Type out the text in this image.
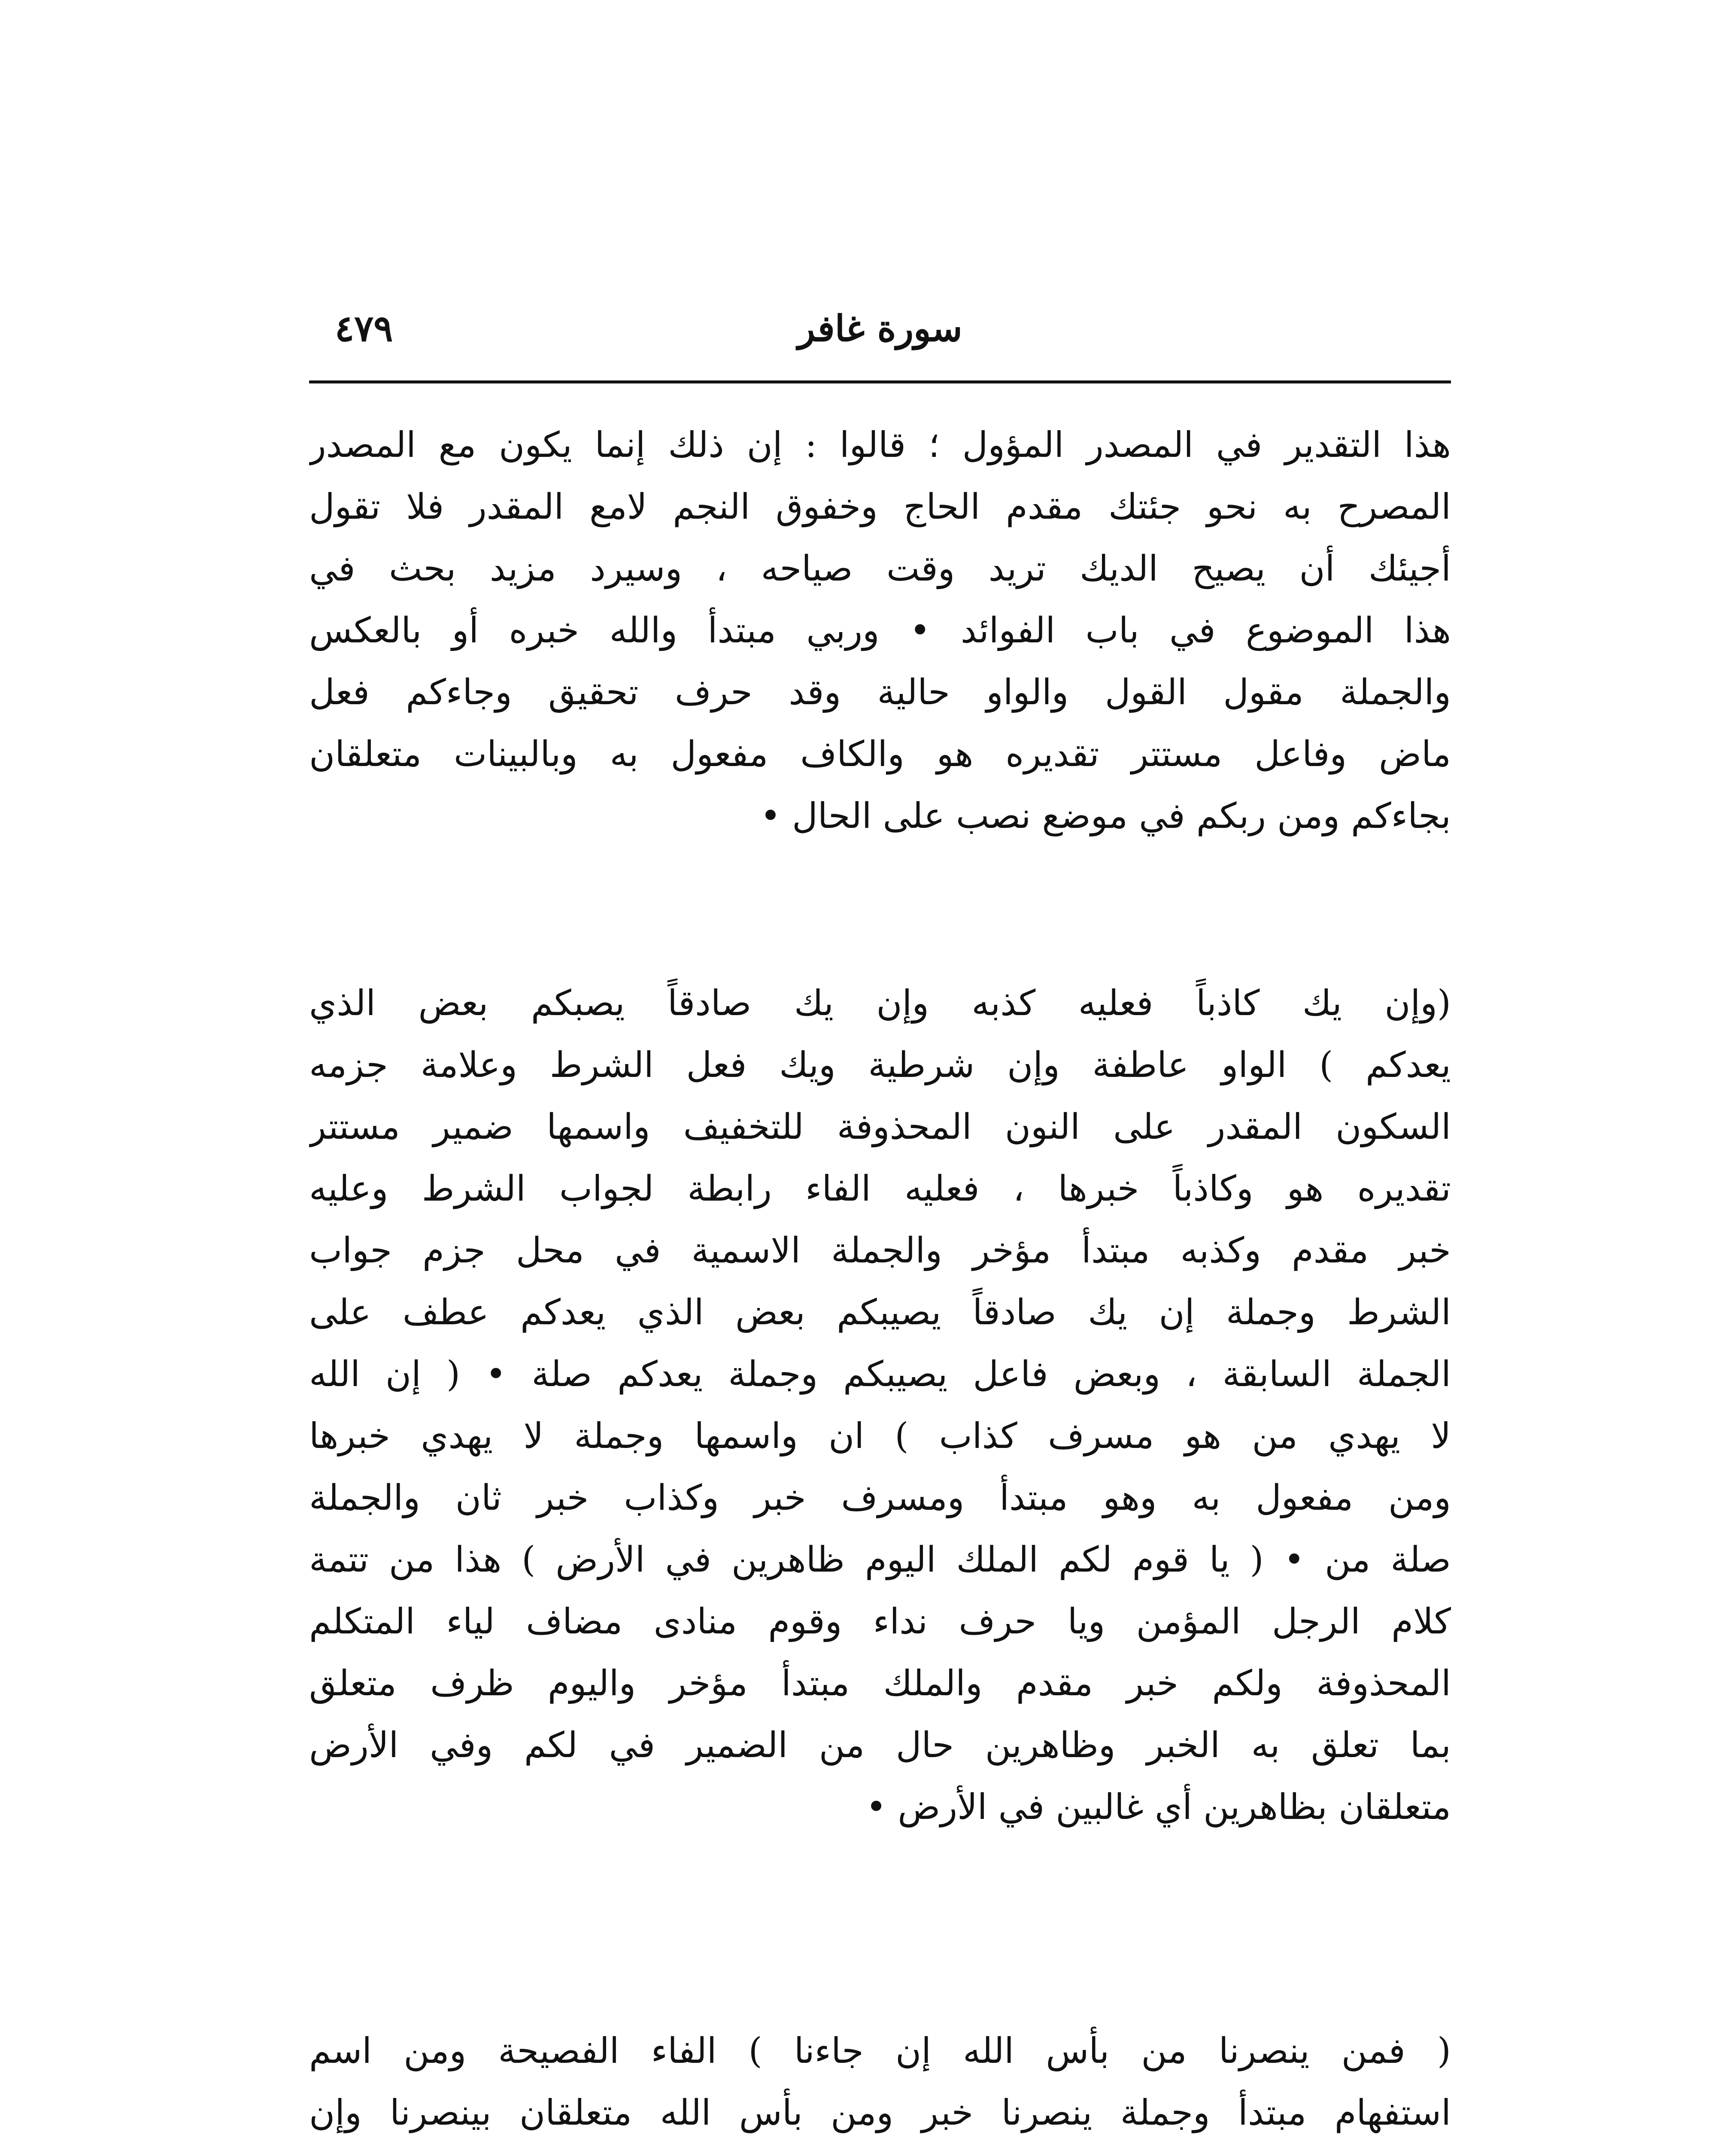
سورة غافر
٤٧٩
هذا التقدير في المصدر المؤول ؛ قالوا : إن ذلك إنما يكون مع المصدر
المصرح به نحو جئتك مقدم الحاج وخفوق النجم لامع المقدر فلا تقول
أجيئك أن يصيح الديك تريد وقت صياحه ، وسيرد مزيد بحث في
هذا الموضوع في باب الفوائد • وربي مبتدأ والله خبره أو بالعكس
والجملة مقول القول والواو حالية وقد حرف تحقيق وجاءكم فعل
ماض وفاعل مستتر تقديره هو والكاف مفعول به وبالبينات متعلقان
بجاءكم ومن ربكم في موضع نصب على الحال •
(وإن يك كاذباً فعليه كذبه وإن يك صادقاً يصبكم بعض الذي
يعدكم ) الواو عاطفة وإن شرطية ويك فعل الشرط وعلامة جزمه
السكون المقدر على النون المحذوفة للتخفيف واسمها ضمير مستتر
تقديره هو وكاذباً خبرها ، فعليه الفاء رابطة لجواب الشرط وعليه
خبر مقدم وكذبه مبتدأ مؤخر والجملة الاسمية في محل جزم جواب
الشرط وجملة إن يك صادقاً يصيبكم بعض الذي يعدكم عطف على
الجملة السابقة ، وبعض فاعل يصيبكم وجملة يعدكم صلة • ( إن الله
لا يهدي من هو مسرف كذاب ) ان واسمها وجملة لا يهدي خبرها
ومن مفعول به وهو مبتدأ ومسرف خبر وكذاب خبر ثان والجملة
صلة من • ( يا قوم لكم الملك اليوم ظاهرين في الأرض ) هذا من تتمة
كلام الرجل المؤمن ويا حرف نداء وقوم منادى مضاف لياء المتكلم
المحذوفة ولكم خبر مقدم والملك مبتدأ مؤخر واليوم ظرف متعلق
بما تعلق به الخبر وظاهرين حال من الضمير في لكم وفي الأرض
متعلقان بظاهرين أي غالبين في الأرض •
( فمن ينصرنا من بأس الله إن جاءنا ) الفاء الفصيحة ومن اسم
استفهام مبتدأ وجملة ينصرنا خبر ومن بأس الله متعلقان بينصرنا وإن
